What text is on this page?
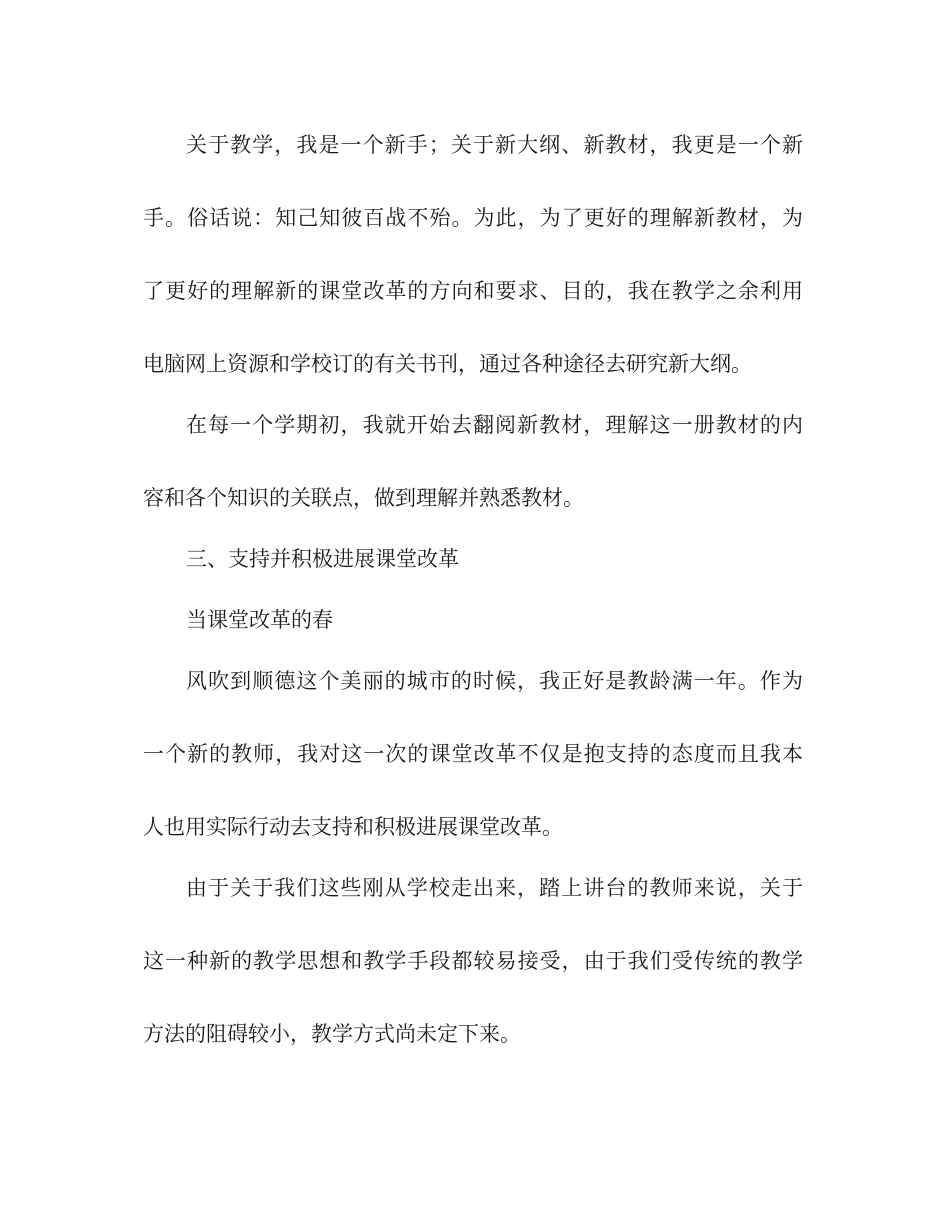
关于教学，我是一个新手；关于新大纲、新教材，我更是一个新

手。俗话说：知己知彼百战不殆。为此，为了更好的理解新教材，为

了更好的理解新的课堂改革的方向和要求、目的，我在教学之余利用

电脑网上资源和学校订的有关书刊，通过各种途径去研究新大纲。

在每一个学期初，我就开始去翻阅新教材，理解这一册教材的内

容和各个知识的关联点，做到理解并熟悉教材。

三、支持并积极进展课堂改革

当课堂改革的春

风吹到顺德这个美丽的城市的时候，我正好是教龄满一年。作为

一个新的教师，我对这一次的课堂改革不仅是抱支持的态度而且我本

人也用实际行动去支持和积极进展课堂改革。

由于关于我们这些刚从学校走出来，踏上讲台的教师来说，关于

这一种新的教学思想和教学手段都较易接受，由于我们受传统的教学

方法的阻碍较小，教学方式尚未定下来。
